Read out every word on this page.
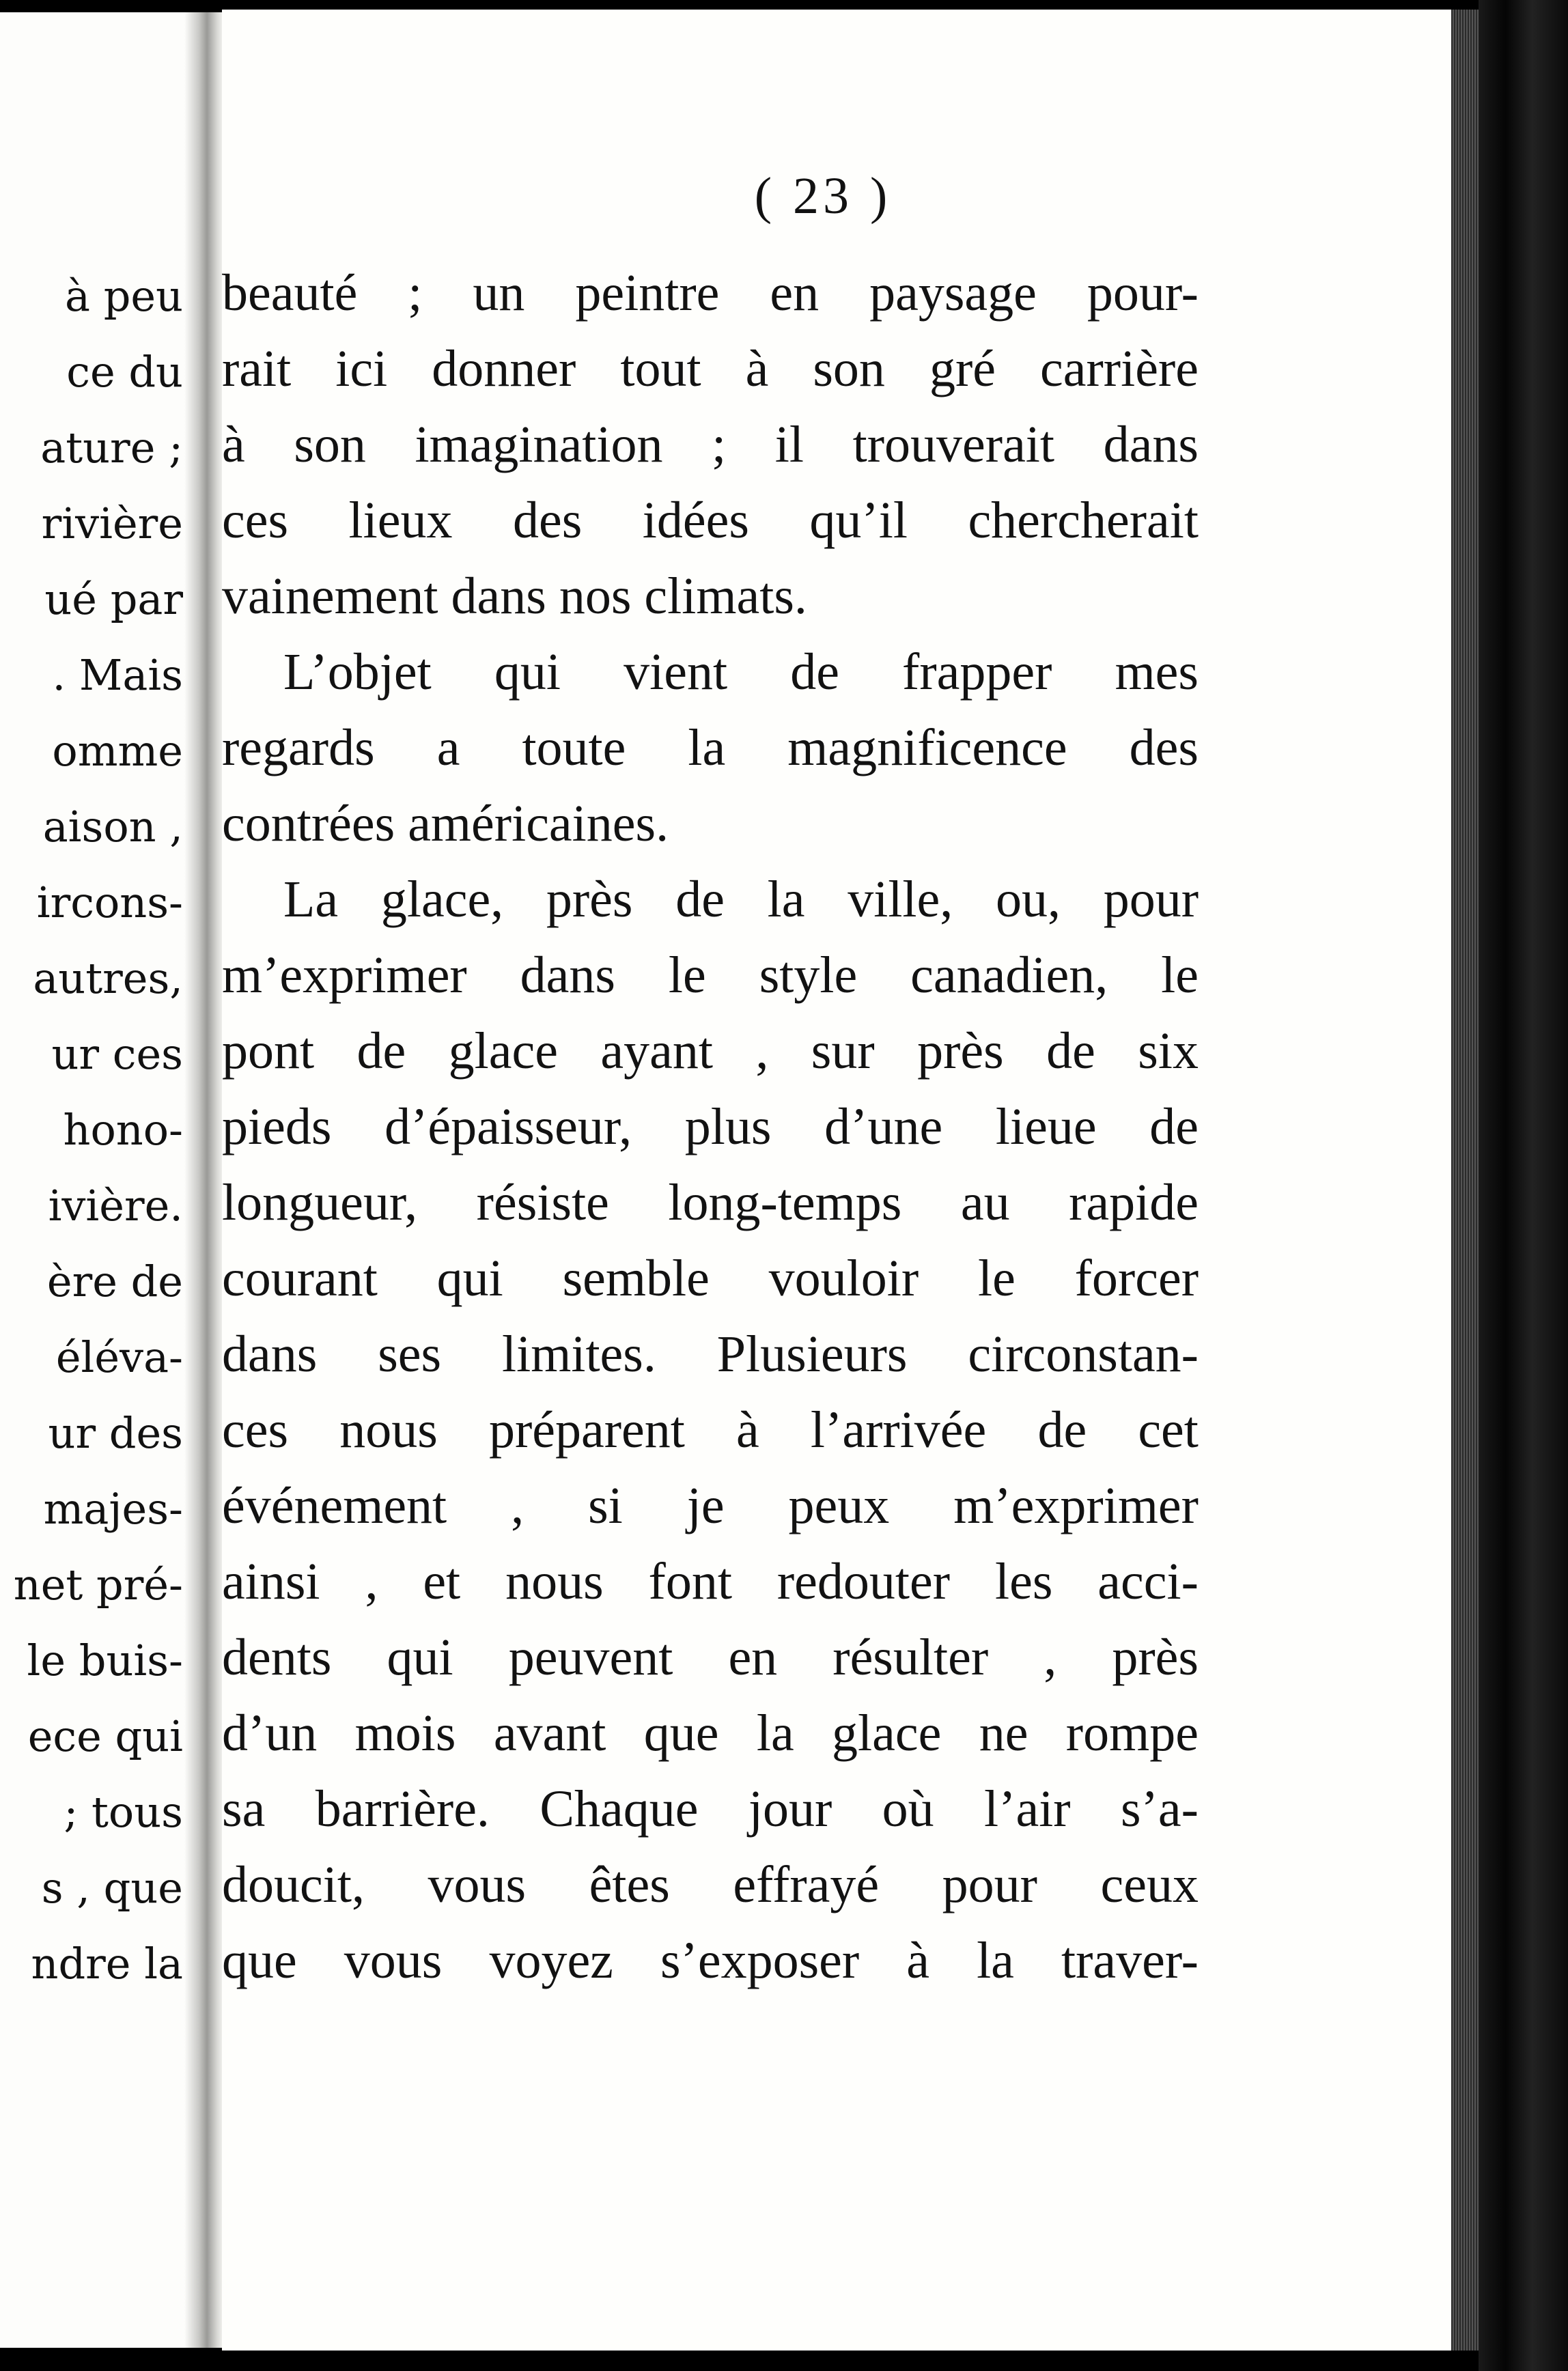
à peu
ce du
ature ;
rivière
ué par
. Mais
omme
aison ,
ircons-
autres,
ur ces
hono-
ivière.
ère de
éléva-
ur des
majes-
net pré-
le buis-
ece qui
; tous
s , que
ndre la
( 23 )
beauté ; un peintre en paysage pour-
rait ici donner tout à son gré carrière
à son imagination ; il trouverait dans
ces lieux des idées qu’il chercherait
vainement dans nos climats.
L’objet qui vient de frapper mes
regards a toute la magnificence des
contrées américaines.
La glace, près de la ville, ou, pour
m’exprimer dans le style canadien, le
pont de glace ayant , sur près de six
pieds d’épaisseur, plus d’une lieue de
longueur, résiste long-temps au rapide
courant qui semble vouloir le forcer
dans ses limites. Plusieurs circonstan-
ces nous préparent à l’arrivée de cet
événement , si je peux m’exprimer
ainsi , et nous font redouter les acci-
dents qui peuvent en résulter , près
d’un mois avant que la glace ne rompe
sa barrière. Chaque jour où l’air s’a-
doucit, vous êtes effrayé pour ceux
que vous voyez s’exposer à la traver-
